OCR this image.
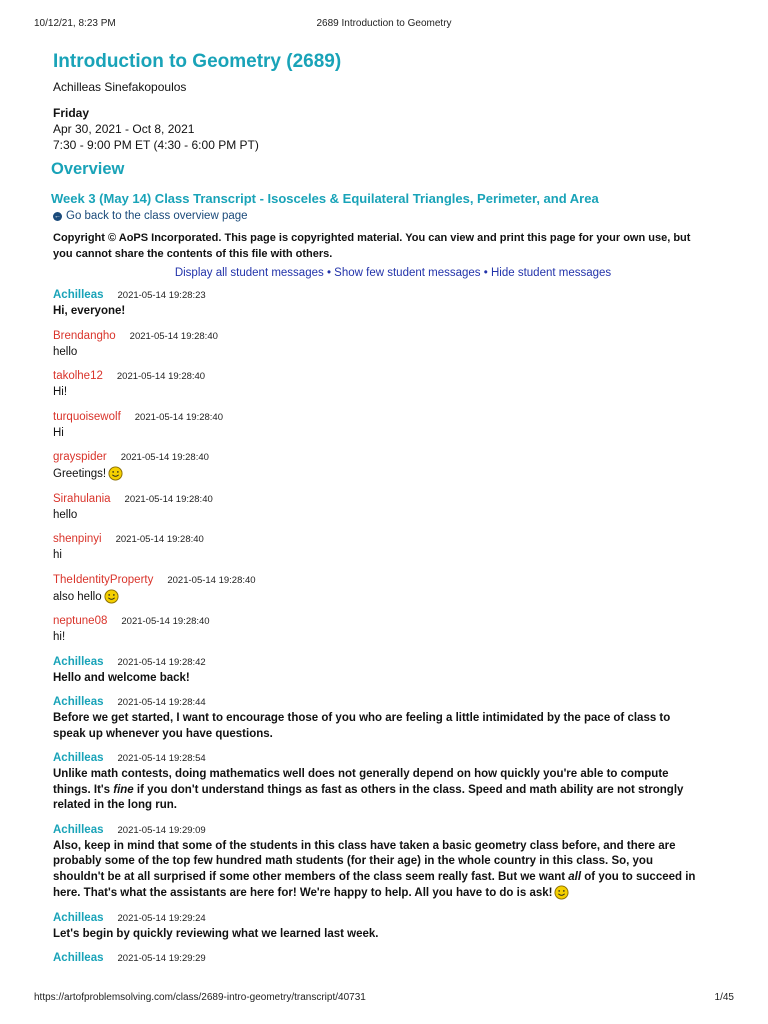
10/12/21, 8:23 PM	2689 Introduction to Geometry
Introduction to Geometry (2689)
Achilleas Sinefakopoulos
Friday
Apr 30, 2021 - Oct 8, 2021
7:30 - 9:00 PM ET (4:30 - 6:00 PM PT)
Overview
Week 3 (May 14) Class Transcript - Isosceles & Equilateral Triangles, Perimeter, and Area
← Go back to the class overview page
Copyright © AoPS Incorporated. This page is copyrighted material. You can view and print this page for your own use, but you cannot share the contents of this file with others.
Display all student messages • Show few student messages • Hide student messages
Achilleas 2021-05-14 19:28:23
Hi, everyone!
Brendangho 2021-05-14 19:28:40
hello
takolhe12 2021-05-14 19:28:40
Hi!
turquoisewolf 2021-05-14 19:28:40
Hi
grayspider 2021-05-14 19:28:40
Greetings!
Sirahulania 2021-05-14 19:28:40
hello
shenpinyi 2021-05-14 19:28:40
hi
TheIdentityProperty 2021-05-14 19:28:40
also hello
neptune08 2021-05-14 19:28:40
hi!
Achilleas 2021-05-14 19:28:42
Hello and welcome back!
Achilleas 2021-05-14 19:28:44
Before we get started, I want to encourage those of you who are feeling a little intimidated by the pace of class to speak up whenever you have questions.
Achilleas 2021-05-14 19:28:54
Unlike math contests, doing mathematics well does not generally depend on how quickly you're able to compute things. It's fine if you don't understand things as fast as others in the class. Speed and math ability are not strongly related in the long run.
Achilleas 2021-05-14 19:29:09
Also, keep in mind that some of the students in this class have taken a basic geometry class before, and there are probably some of the top few hundred math students (for their age) in the whole country in this class. So, you shouldn't be at all surprised if some other members of the class seem really fast. But we want all of you to succeed in here. That's what the assistants are here for! We're happy to help. All you have to do is ask!
Achilleas 2021-05-14 19:29:24
Let's begin by quickly reviewing what we learned last week.
Achilleas 2021-05-14 19:29:29
https://artofproblemsolving.com/class/2689-intro-geometry/transcript/40731	1/45
